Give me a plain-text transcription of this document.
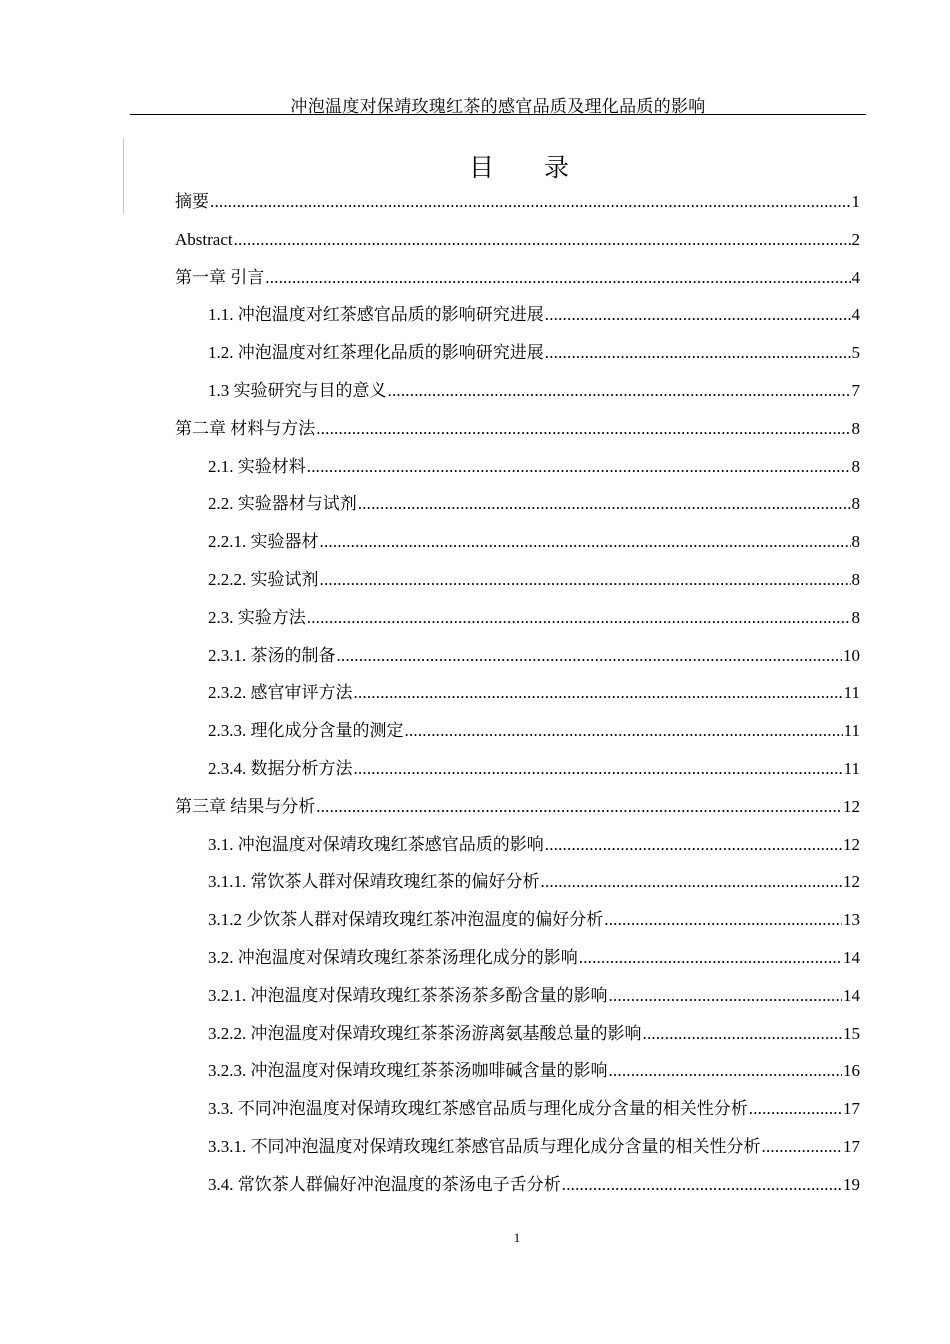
冲泡温度对保靖玫瑰红茶的感官品质及理化品质的影响
目 录
摘要 .....	1
Abstract .....	2
第一章 引言 .....	4
1.1. 冲泡温度对红茶感官品质的影响研究进展 .....	4
1.2. 冲泡温度对红茶理化品质的影响研究进展 .....	5
1.3 实验研究与目的意义 .....	7
第二章 材料与方法 .....	8
2.1. 实验材料 .....	8
2.2. 实验器材与试剂 .....	8
2.2.1. 实验器材 .....	8
2.2.2. 实验试剂 .....	8
2.3. 实验方法 .....	8
2.3.1. 茶汤的制备 .....	10
2.3.2. 感官审评方法 .....	11
2.3.3. 理化成分含量的测定 .....	11
2.3.4. 数据分析方法 .....	11
第三章 结果与分析 .....	12
3.1. 冲泡温度对保靖玫瑰红茶感官品质的影响 .....	12
3.1.1. 常饮茶人群对保靖玫瑰红茶的偏好分析 .....	12
3.1.2 少饮茶人群对保靖玫瑰红茶冲泡温度的偏好分析 .....	13
3.2. 冲泡温度对保靖玫瑰红茶茶汤理化成分的影响 .....	14
3.2.1. 冲泡温度对保靖玫瑰红茶茶汤茶多酚含量的影响 .....	14
3.2.2. 冲泡温度对保靖玫瑰红茶茶汤游离氨基酸总量的影响 .....	15
3.2.3. 冲泡温度对保靖玫瑰红茶茶汤咖啡碱含量的影响 .....	16
3.3. 不同冲泡温度对保靖玫瑰红茶感官品质与理化成分含量的相关性分析 .....	17
3.3.1. 不同冲泡温度对保靖玫瑰红茶感官品质与理化成分含量的相关性分析 .....	17
3.4. 常饮茶人群偏好冲泡温度的茶汤电子舌分析 .....	19
1
